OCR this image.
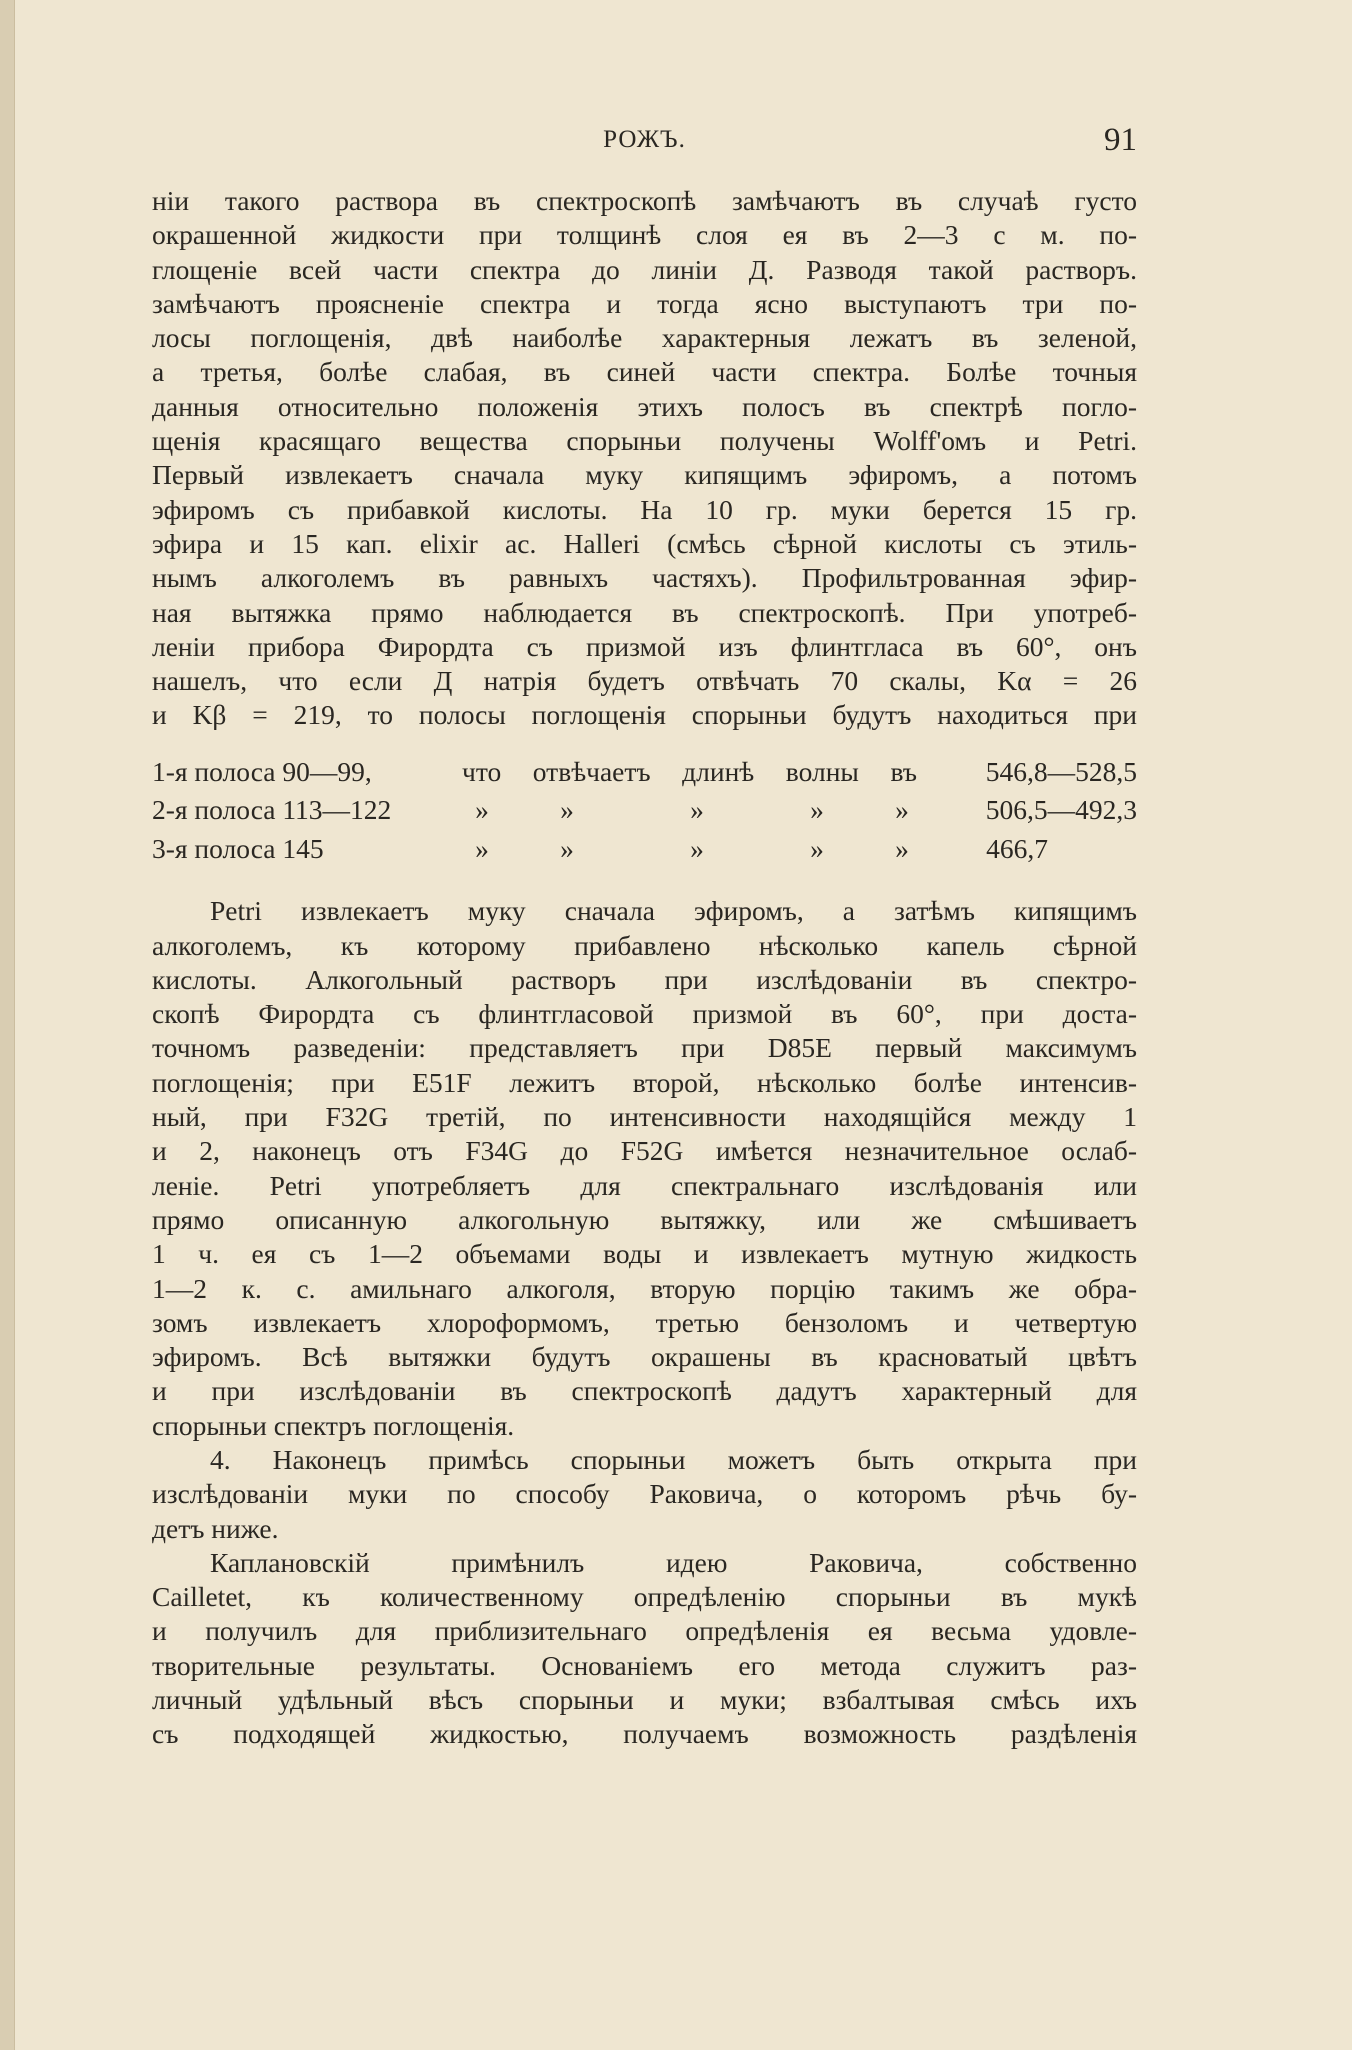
РОЖЪ.	91
ніи такого раствора въ спектроскопѣ замѣчаютъ въ случаѣ густо
окрашенной жидкости при толщинѣ слоя ея въ 2—3 с м. по-
глощеніе всей части спектра до линіи Д. Разводя такой растворъ.
замѣчаютъ проясненіе спектра и тогда ясно выступаютъ три по-
лосы поглощенія, двѣ наиболѣе характерныя лежатъ въ зеленой,
а третья, болѣе слабая, въ синей части спектра. Болѣе точныя
данныя относительно положенія этихъ полосъ въ спектрѣ погло-
щенія красящаго вещества спорыньи получены Wolff'омъ и Petri.
Первый извлекаетъ сначала муку кипящимъ эфиромъ, а потомъ
эфиромъ съ прибавкой кислоты. На 10 гр. муки берется 15 гр.
эфира и 15 кап. elixir ac. Halleri (смѣсь сѣрной кислоты съ этиль-
нымъ алкоголемъ въ равныхъ частяхъ). Профильтрованная эфир-
ная вытяжка прямо наблюдается въ спектроскопѣ. При употреб-
леніи прибора Фирордта съ призмой изъ флинтгласа въ 60°, онъ
нашелъ, что если Д натрія будетъ отвѣчать 70 скалы, Kα = 26
и Kβ = 219, то полосы поглощенія спорыньи будутъ находиться при
1-я полоса 90—99,	что отвѣчаетъ длинѣ волны въ	546,8—528,5
2-я полоса 113—122	»	»	»	»	»	506,5—492,3
3-я полоса 145	»	»	»	»	»	466,7
Petri извлекаетъ муку сначала эфиромъ, а затѣмъ кипящимъ
алкоголемъ, къ которому прибавлено нѣсколько капель сѣрной
кислоты. Алкогольный растворъ при изслѣдованіи въ спектро-
скопѣ Фирордта съ флинтгласовой призмой въ 60°, при доста-
точномъ разведеніи: представляетъ при D85E первый максимумъ
поглощенія; при E51F лежитъ второй, нѣсколько болѣе интенсив-
ный, при F32G третій, по интенсивности находящійся между 1
и 2, наконецъ отъ F34G до F52G имѣется незначительное ослаб-
леніе. Petri употребляетъ для спектральнаго изслѣдованія или
прямо описанную алкогольную вытяжку, или же смѣшиваетъ
1 ч. ея съ 1—2 объемами воды и извлекаетъ мутную жидкость
1—2 к. с. амильнаго алкоголя, вторую порцію такимъ же обра-
зомъ извлекаетъ хлороформомъ, третью бензоломъ и четвертую
эфиромъ. Всѣ вытяжки будутъ окрашены въ красноватый цвѣтъ
и при изслѣдованіи въ спектроскопѣ дадутъ характерный для
спорыньи спектръ поглощенія.
4. Наконецъ примѣсь спорыньи можетъ быть открыта при
изслѣдованіи муки по способу Раковича, о которомъ рѣчь бу-
детъ ниже.
Каплановскій примѣнилъ идею Раковича, собственно
Cailletet, къ количественному опредѣленію спорыньи въ мукѣ
и получилъ для приблизительнаго опредѣленія ея весьма удовле-
творительные результаты. Основаніемъ его метода служитъ раз-
личный удѣльный вѣсъ спорыньи и муки; взбалтывая смѣсь ихъ
съ подходящей жидкостью, получаемъ возможность раздѣленія
